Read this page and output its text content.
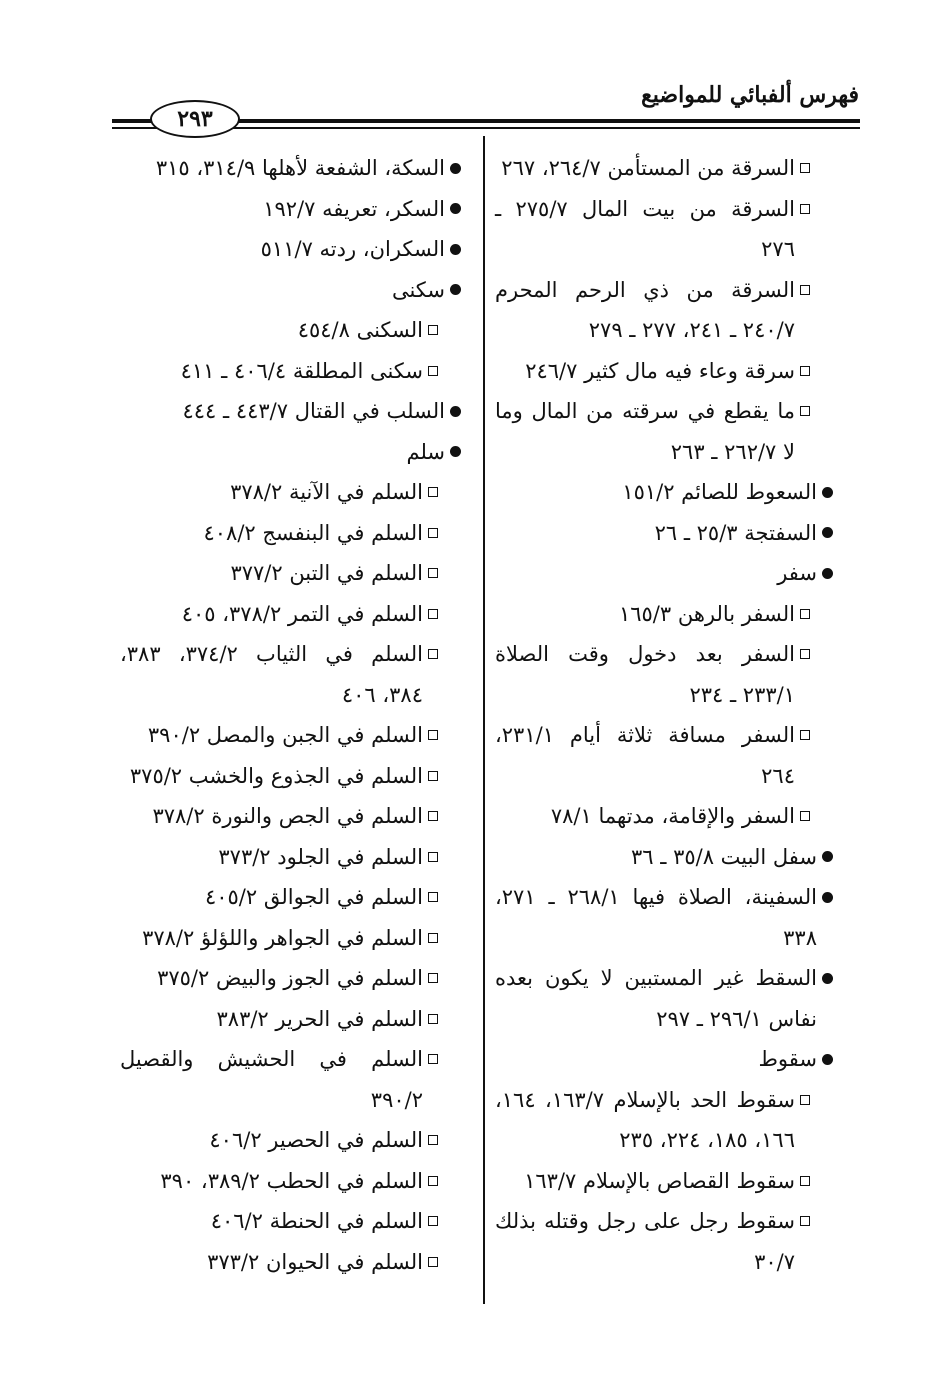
فهرس ألفبائي للمواضيع
٢٩٣
السرقة من المستأمن ٢٦٤/٧، ٢٦٧
السرقة من بيت المال ٢٧٥/٧ ـ ٢٧٦
السرقة من ذي الرحم المحرم ٢٤٠/٧ ـ ٢٤١، ٢٧٧ ـ ٢٧٩
سرقة وعاء فيه مال كثير ٢٤٦/٧
ما يقطع في سرقته من المال وما لا ٢٦٢/٧ ـ ٢٦٣
السعوط للصائم ١٥١/٢
السفتجة ٢٥/٣ ـ ٢٦
سفر
السفر بالرهن ١٦٥/٣
السفر بعد دخول وقت الصلاة ٢٣٣/١ ـ ٢٣٤
السفر مسافة ثلاثة أيام ٢٣١/١، ٢٦٤
السفر والإقامة، مدتهما ٧٨/١
سفل البيت ٣٥/٨ ـ ٣٦
السفينة، الصلاة فيها ٢٦٨/١ ـ ٢٧١، ٣٣٨
السقط غير المستبين لا يكون بعده نفاس ٢٩٦/١ ـ ٢٩٧
سقوط
سقوط الحد بالإسلام ١٦٣/٧، ١٦٤، ١٦٦، ١٨٥، ٢٢٤، ٢٣٥
سقوط القصاص بالإسلام ١٦٣/٧
سقوط رجل على رجل وقتله بذلك ٣٠/٧
السكة، الشفعة لأهلها ٣١٤/٩، ٣١٥
السكر، تعريفه ١٩٢/٧
السكران، ردته ٥١١/٧
سكنى
السكنى ٤٥٤/٨
سكنى المطلقة ٤٠٦/٤ ـ ٤١١
السلب في القتال ٤٤٣/٧ ـ ٤٤٤
سلم
السلم في الآنية ٣٧٨/٢
السلم في البنفسج ٤٠٨/٢
السلم في التبن ٣٧٧/٢
السلم في التمر ٣٧٨/٢، ٤٠٥
السلم في الثياب ٣٧٤/٢، ٣٨٣، ٣٨٤، ٤٠٦
السلم في الجبن والمصل ٣٩٠/٢
السلم في الجذوع والخشب ٣٧٥/٢
السلم في الجص والنورة ٣٧٨/٢
السلم في الجلود ٣٧٣/٢
السلم في الجوالق ٤٠٥/٢
السلم في الجواهر واللؤلؤ ٣٧٨/٢
السلم في الجوز والبيض ٣٧٥/٢
السلم في الحرير ٣٨٣/٢
السلم في الحشيش والقصيل ٣٩٠/٢
السلم في الحصير ٤٠٦/٢
السلم في الحطب ٣٨٩/٢، ٣٩٠
السلم في الحنطة ٤٠٦/٢
السلم في الحيوان ٣٧٣/٢
